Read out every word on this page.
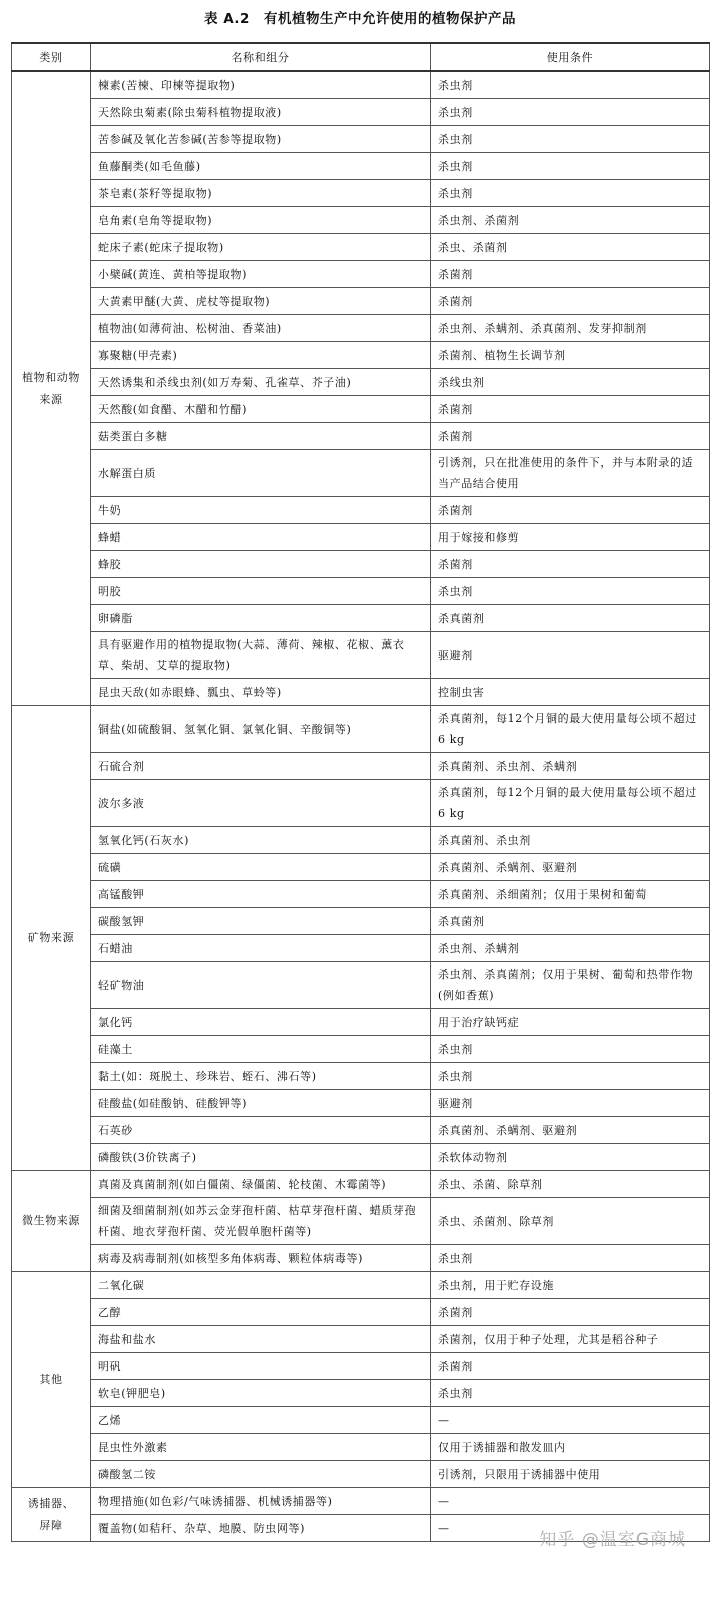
表 A.2　有机植物生产中允许使用的植物保护产品
类别	名称和组分	使用条件
植物和动物
来源	楝素(苦楝、印楝等提取物)	杀虫剂
	天然除虫菊素(除虫菊科植物提取液)	杀虫剂
	苦参碱及氧化苦参碱(苦参等提取物)	杀虫剂
	鱼藤酮类(如毛鱼藤)	杀虫剂
	茶皂素(茶籽等提取物)	杀虫剂
	皂角素(皂角等提取物)	杀虫剂、杀菌剂
	蛇床子素(蛇床子提取物)	杀虫、杀菌剂
	小檗碱(黄连、黄柏等提取物)	杀菌剂
	大黄素甲醚(大黄、虎杖等提取物)	杀菌剂
	植物油(如薄荷油、松树油、香菜油)	杀虫剂、杀螨剂、杀真菌剂、发芽抑制剂
	寡聚糖(甲壳素)	杀菌剂、植物生长调节剂
	天然诱集和杀线虫剂(如万寿菊、孔雀草、芥子油)	杀线虫剂
	天然酸(如食醋、木醋和竹醋)	杀菌剂
	菇类蛋白多糖	杀菌剂
	水解蛋白质	引诱剂，只在批准使用的条件下，并与本附录的适当产品结合使用
	牛奶	杀菌剂
	蜂蜡	用于嫁接和修剪
	蜂胶	杀菌剂
	明胶	杀虫剂
	卵磷脂	杀真菌剂
	具有驱避作用的植物提取物(大蒜、薄荷、辣椒、花椒、薰衣草、柴胡、艾草的提取物)	驱避剂
	昆虫天敌(如赤眼蜂、瓢虫、草蛉等)	控制虫害
矿物来源	铜盐(如硫酸铜、氢氧化铜、氯氧化铜、辛酸铜等)	杀真菌剂，每12个月铜的最大使用量每公顷不超过6 kg
	石硫合剂	杀真菌剂、杀虫剂、杀螨剂
	波尔多液	杀真菌剂，每12个月铜的最大使用量每公顷不超过6 kg
	氢氧化钙(石灰水)	杀真菌剂、杀虫剂
	硫磺	杀真菌剂、杀螨剂、驱避剂
	高锰酸钾	杀真菌剂、杀细菌剂；仅用于果树和葡萄
	碳酸氢钾	杀真菌剂
	石蜡油	杀虫剂、杀螨剂
	轻矿物油	杀虫剂、杀真菌剂；仅用于果树、葡萄和热带作物(例如香蕉)
	氯化钙	用于治疗缺钙症
	硅藻土	杀虫剂
	黏土(如：斑脱土、珍珠岩、蛭石、沸石等)	杀虫剂
	硅酸盐(如硅酸钠、硅酸钾等)	驱避剂
	石英砂	杀真菌剂、杀螨剂、驱避剂
	磷酸铁(3价铁离子)	杀软体动物剂
微生物来源	真菌及真菌制剂(如白僵菌、绿僵菌、轮枝菌、木霉菌等)	杀虫、杀菌、除草剂
	细菌及细菌制剂(如苏云金芽孢杆菌、枯草芽孢杆菌、蜡质芽孢杆菌、地衣芽孢杆菌、荧光假单胞杆菌等)	杀虫、杀菌剂、除草剂
	病毒及病毒制剂(如核型多角体病毒、颗粒体病毒等)	杀虫剂
其他	二氧化碳	杀虫剂，用于贮存设施
	乙醇	杀菌剂
	海盐和盐水	杀菌剂，仅用于种子处理，尤其是稻谷种子
	明矾	杀菌剂
	软皂(钾肥皂)	杀虫剂
	乙烯	—
	昆虫性外激素	仅用于诱捕器和散发皿内
	磷酸氢二铵	引诱剂，只限用于诱捕器中使用
诱捕器、
屏障	物理措施(如色彩/气味诱捕器、机械诱捕器等)	—
	覆盖物(如秸秆、杂草、地膜、防虫网等)	—
知乎 @温室G商城
